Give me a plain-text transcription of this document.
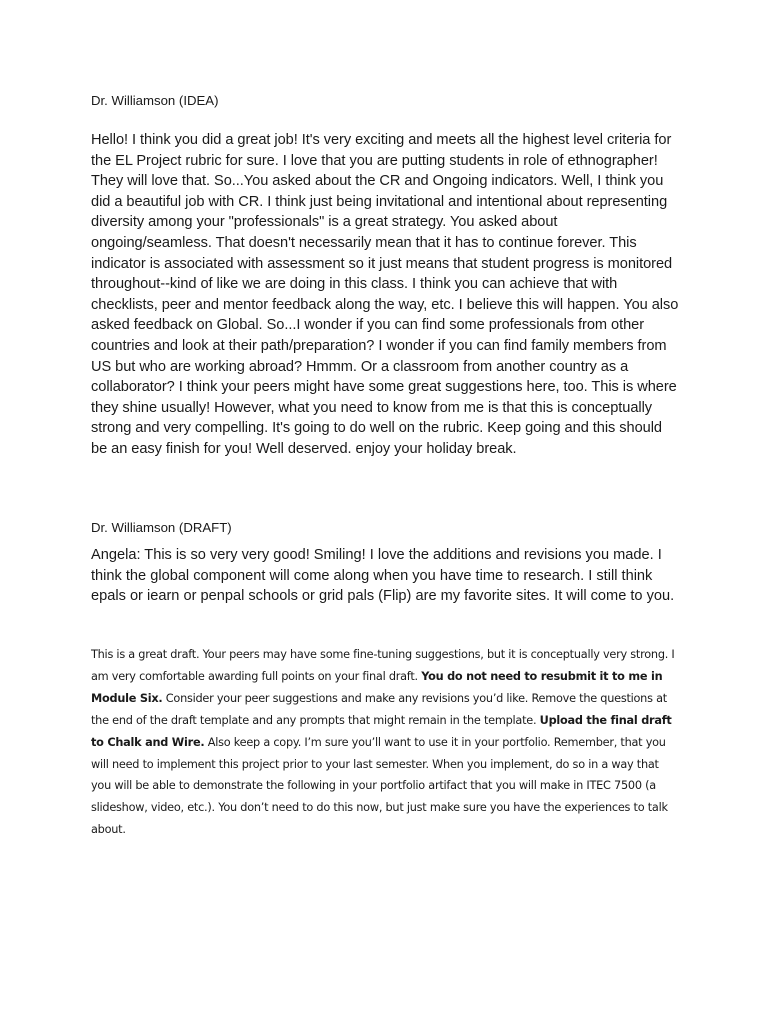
Dr. Williamson (IDEA)
Hello! I think you did a great job! It's very exciting and meets all the highest level criteria for the EL Project rubric for sure. I love that you are putting students in role of ethnographer! They will love that. So...You asked about the CR and Ongoing indicators. Well, I think you did a beautiful job with CR. I think just being invitational and intentional about representing diversity among your "professionals" is a great strategy. You asked about ongoing/seamless. That doesn't necessarily mean that it has to continue forever. This indicator is associated with assessment so it just means that student progress is monitored throughout--kind of like we are doing in this class. I think you can achieve that with checklists, peer and mentor feedback along the way, etc. I believe this will happen. You also asked feedback on Global. So...I wonder if you can find some professionals from other countries and look at their path/preparation? I wonder if you can find family members from US but who are working abroad? Hmmm. Or a classroom from another country as a collaborator? I think your peers might have some great suggestions here, too. This is where they shine usually! However, what you need to know from me is that this is conceptually strong and very compelling. It's going to do well on the rubric. Keep going and this should be an easy finish for you! Well deserved. enjoy your holiday break.
Dr. Williamson (DRAFT)
Angela: This is so very very good! Smiling! I love the additions and revisions you made. I think the global component will come along when you have time to research. I still think epals or iearn or penpal schools or grid pals (Flip) are my favorite sites. It will come to you.
This is a great draft. Your peers may have some fine-tuning suggestions, but it is conceptually very strong. I am very comfortable awarding full points on your final draft. You do not need to resubmit it to me in Module Six. Consider your peer suggestions and make any revisions you’d like. Remove the questions at the end of the draft template and any prompts that might remain in the template. Upload the final draft to Chalk and Wire. Also keep a copy. I’m sure you’ll want to use it in your portfolio. Remember, that you will need to implement this project prior to your last semester. When you implement, do so in a way that you will be able to demonstrate the following in your portfolio artifact that you will make in ITEC 7500 (a slideshow, video, etc.). You don’t need to do this now, but just make sure you have the experiences to talk about.
